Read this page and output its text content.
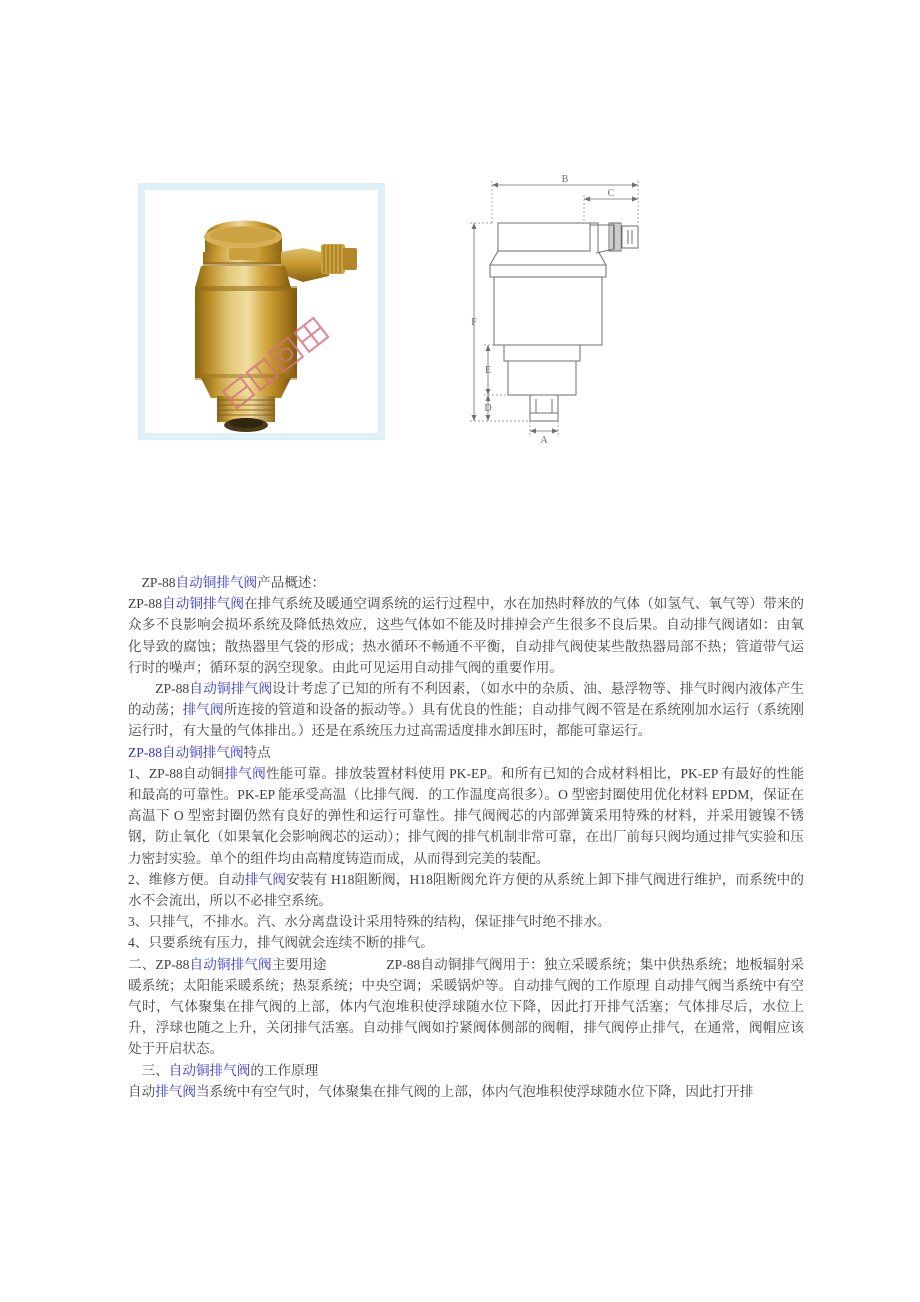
B
C
F
E
D
A

ZP-88自动铜排气阀产品概述：

ZP-88自动铜排气阀在排气系统及暖通空调系统的运行过程中，水在加热时释放的气体（如氢气、氧气等）带来的众多不良影响会损坏系统及降低热效应，这些气体如不能及时排掉会产生很多不良后果。自动排气阀诸如：由氧化导致的腐蚀；散热器里气袋的形成；热水循环不畅通不平衡，自动排气阀使某些散热器局部不热；管道带气运行时的噪声；循环泵的涡空现象。由此可见运用自动排气阀的重要作用。

ZP-88自动铜排气阀设计考虑了已知的所有不利因素，（如水中的杂质、油、悬浮物等、排气时阀内液体产生的动荡；排气阀所连接的管道和设备的振动等。）具有优良的性能；自动排气阀不管是在系统刚加水运行（系统刚运行时，有大量的气体排出。）还是在系统压力过高需适度排水卸压时，都能可靠运行。

ZP-88自动铜排气阀特点

1、ZP-88自动铜排气阀性能可靠。排放装置材料使用 PK-EP。和所有已知的合成材料相比，PK-EP 有最好的性能和最高的可靠性。PK-EP 能承受高温（比排气阀．的工作温度高很多）。O 型密封圈使用优化材料 EPDM，保证在高温下 O 型密封圈仍然有良好的弹性和运行可靠性。排气阀阀芯的内部弹簧采用特殊的材料，并采用镀镍不锈钢，防止氧化（如果氧化会影响阀芯的运动）；排气阀的排气机制非常可靠，在出厂前每只阀均通过排气实验和压力密封实验。单个的组件均由高精度铸造而成，从而得到完美的装配。

2、维修方便。自动排气阀安装有 H18阻断阀，H18阻断阀允许方便的从系统上卸下排气阀进行维护，而系统中的水不会流出，所以不必排空系统。

3、只排气，不排水。汽、水分离盘设计采用特殊的结构，保证排气时绝不排水。

4、只要系统有压力，排气阀就会连续不断的排气。

二、ZP-88自动铜排气阀主要用途	ZP-88自动铜排气阀用于：独立采暖系统；集中供热系统；地板辐射采暖系统；太阳能采暖系统；热泵系统；中央空调；采暖锅炉等。自动排气阀的工作原理 自动排气阀当系统中有空气时，气体聚集在排气阀的上部，体内气泡堆积使浮球随水位下降，因此打开排气活塞；气体排尽后，水位上升，浮球也随之上升，关闭排气活塞。自动排气阀如拧紧阀体侧部的阀帽，排气阀停止排气，在通常，阀帽应该处于开启状态。

三、自动铜排气阀的工作原理

自动排气阀当系统中有空气时，气体聚集在排气阀的上部，体内气泡堆积使浮球随水位下降，因此打开排
